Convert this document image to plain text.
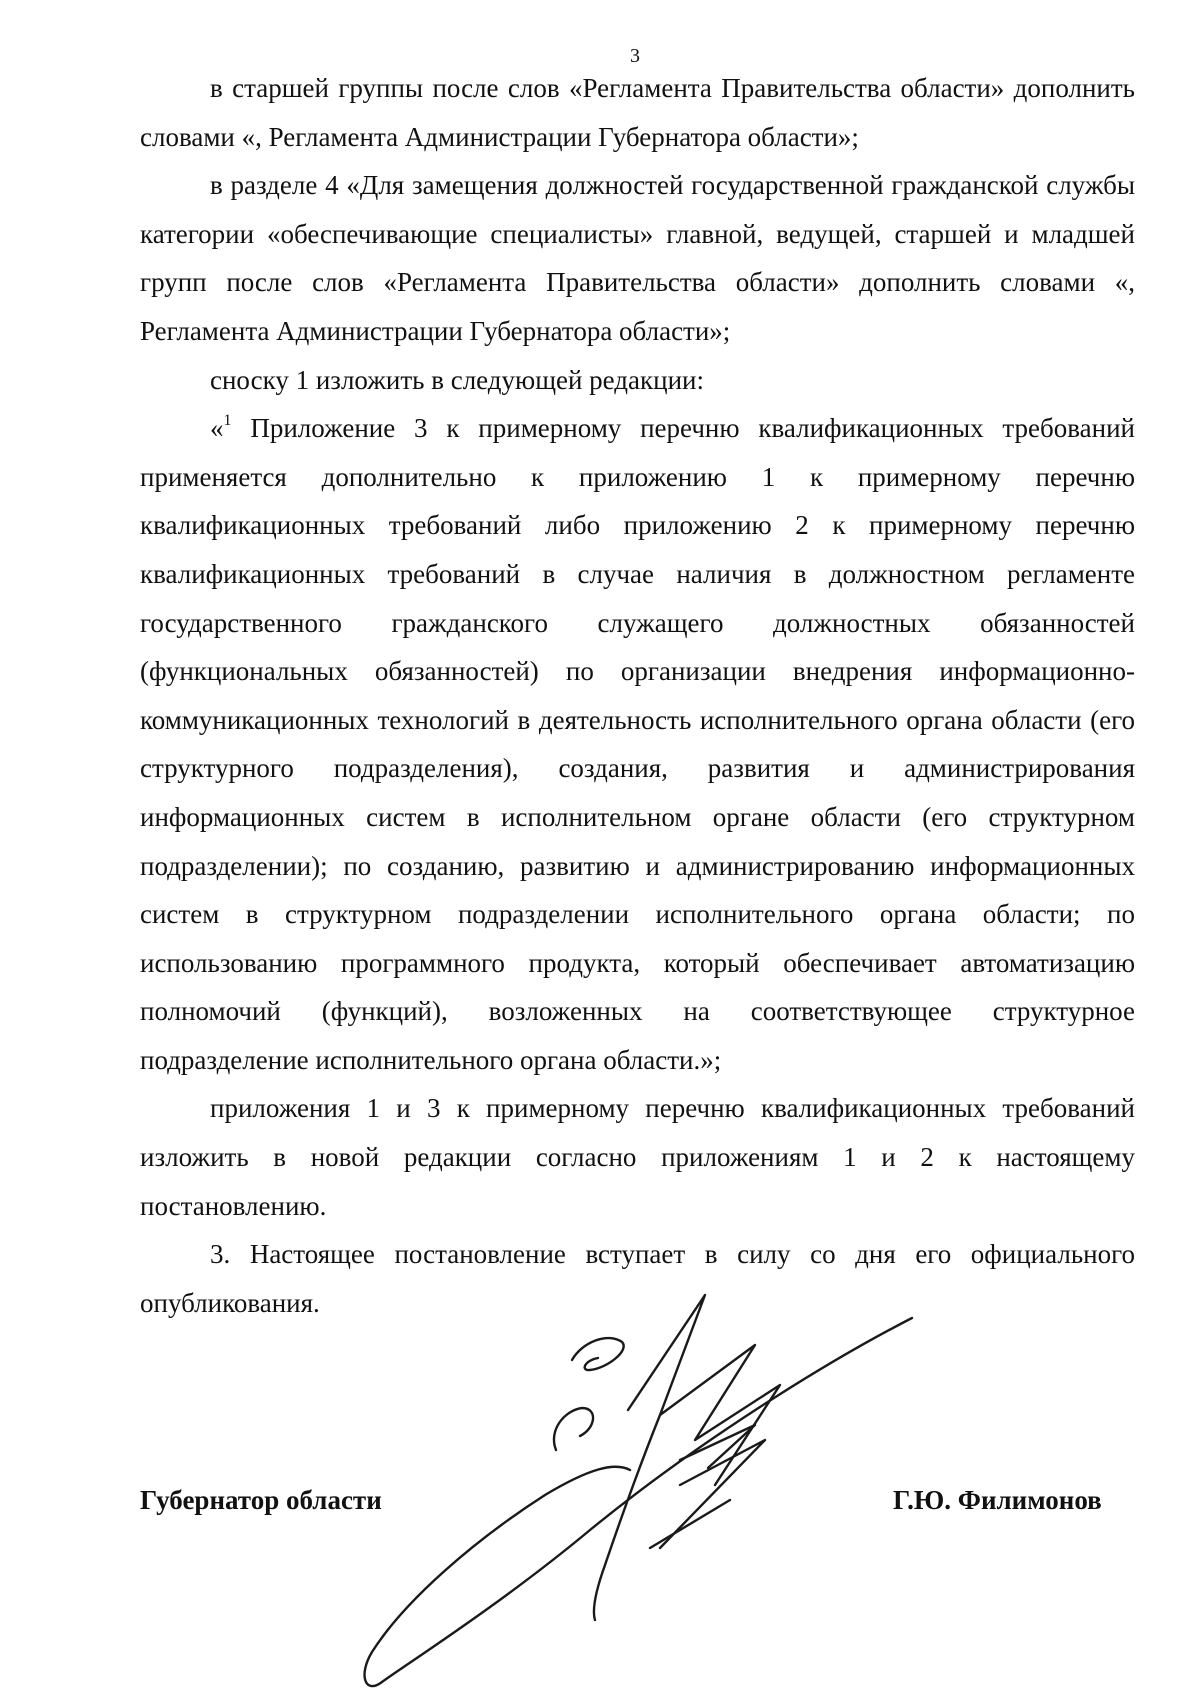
3

в старшей группы после слов «Регламента Правительства области» дополнить словами «, Регламента Администрации Губернатора области»;

в разделе 4 «Для замещения должностей государственной гражданской службы категории «обеспечивающие специалисты» главной, ведущей, старшей и младшей групп после слов «Регламента Правительства области» дополнить словами «, Регламента Администрации Губернатора области»;

сноску 1 изложить в следующей редакции:

«$^1$ Приложение 3 к примерному перечню квалификационных требований применяется дополнительно к приложению 1 к примерному перечню квалификационных требований либо приложению 2 к примерному перечню квалификационных требований в случае наличия в должностном регламенте государственного гражданского служащего должностных обязанностей (функциональных обязанностей) по организации внедрения информационно-коммуникационных технологий в деятельность исполнительного органа области (его структурного подразделения), создания, развития и администрирования информационных систем в исполнительном органе области (его структурном подразделении); по созданию, развитию и администрированию информационных систем в структурном подразделении исполнительного органа области; по использованию программного продукта, который обеспечивает автоматизацию полномочий (функций), возложенных на соответствующее структурное подразделение исполнительного органа области.»;

приложения 1 и 3 к примерному перечню квалификационных требований изложить в новой редакции согласно приложениям 1 и 2 к настоящему постановлению.

3. Настоящее постановление вступает в силу со дня его официального опубликования.

Губернатор области	Г.Ю. Филимонов
